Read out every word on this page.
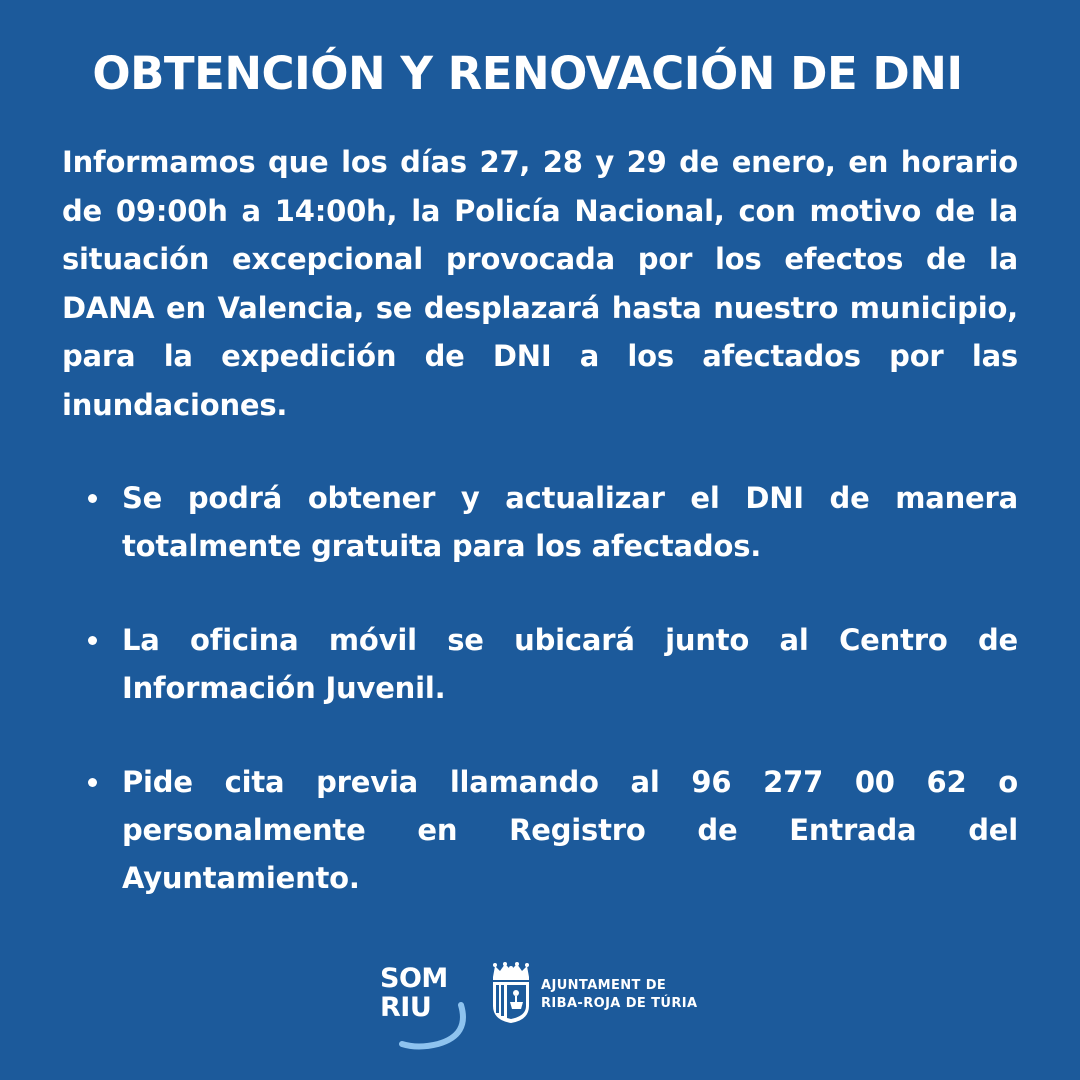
OBTENCIÓN Y RENOVACIÓN DE DNI

Informamos que los días 27, 28 y 29 de enero, en horario de 09:00h a 14:00h, la Policía Nacional, con motivo de la situación excepcional provocada por los efectos de la DANA en Valencia, se desplazará hasta nuestro municipio, para la expedición de DNI a los afectados por las inundaciones.

Se podrá obtener y actualizar el DNI de manera totalmente gratuita para los afectados.
La oficina móvil se ubicará junto al Centro de Información Juvenil.
Pide cita previa llamando al 96 277 00 62 o personalmente en Registro de Entrada del Ayuntamiento.
SOM
RIU
AJUNTAMENT DE
RIBA-ROJA DE TÚRIA
